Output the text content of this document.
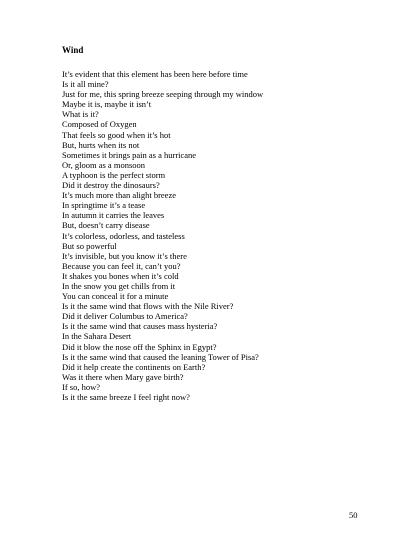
Wind
It’s evident that this element has been here before time
Is it all mine?
Just for me, this spring breeze seeping through my window
Maybe it is, maybe it isn’t
What is it?
Composed of Oxygen
That feels so good when it’s hot
But, hurts when its not
Sometimes it brings pain as a hurricane
Or, gloom as a monsoon
A typhoon is the perfect storm
Did it destroy the dinosaurs?
It’s much more than alight breeze
In springtime it’s a tease
In autumn it carries the leaves
But, doesn’t carry disease
It’s colorless, odorless, and tasteless
But so powerful
It’s invisible, but you know it’s there
Because you can feel it, can’t you?
It shakes you bones when it’s cold
In the snow you get chills from it
You can conceal it for a minute
Is it the same wind that flows with the Nile River?
Did it deliver Columbus to America?
Is it the same wind that causes mass hysteria?
In the Sahara Desert
Did it blow the nose off the Sphinx in Egypt?
Is it the same wind that caused the leaning Tower of Pisa?
Did it help create the continents on Earth?
Was it there when Mary gave birth?
If so, how?
Is it the same breeze I feel right now?
50
